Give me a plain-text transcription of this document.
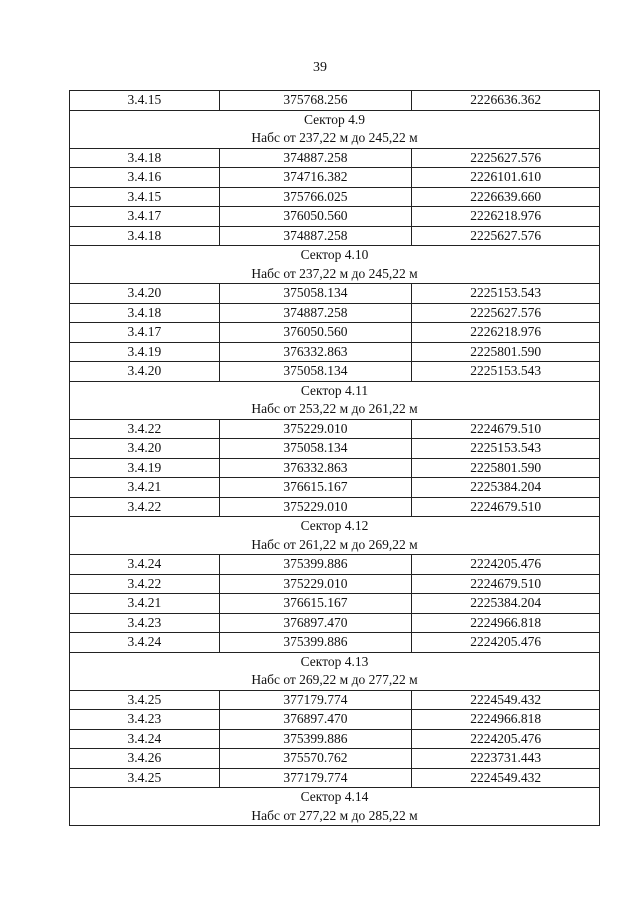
39
3.4.15	375768.256	2226636.362
Сектор 4.9		
Набс от 237,22 м до 245,22 м		
3.4.18	374887.258	2225627.576
3.4.16	374716.382	2226101.610
3.4.15	375766.025	2226639.660
3.4.17	376050.560	2226218.976
3.4.18	374887.258	2225627.576
Сектор 4.10		
Набс от 237,22 м до 245,22 м		
3.4.20	375058.134	2225153.543
3.4.18	374887.258	2225627.576
3.4.17	376050.560	2226218.976
3.4.19	376332.863	2225801.590
3.4.20	375058.134	2225153.543
Сектор 4.11		
Набс от 253,22 м до 261,22 м		
3.4.22	375229.010	2224679.510
3.4.20	375058.134	2225153.543
3.4.19	376332.863	2225801.590
3.4.21	376615.167	2225384.204
3.4.22	375229.010	2224679.510
Сектор 4.12		
Набс от 261,22 м до 269,22 м		
3.4.24	375399.886	2224205.476
3.4.22	375229.010	2224679.510
3.4.21	376615.167	2225384.204
3.4.23	376897.470	2224966.818
3.4.24	375399.886	2224205.476
Сектор 4.13		
Набс от 269,22 м до 277,22 м		
3.4.25	377179.774	2224549.432
3.4.23	376897.470	2224966.818
3.4.24	375399.886	2224205.476
3.4.26	375570.762	2223731.443
3.4.25	377179.774	2224549.432
Сектор 4.14		
Набс от 277,22 м до 285,22 м		
